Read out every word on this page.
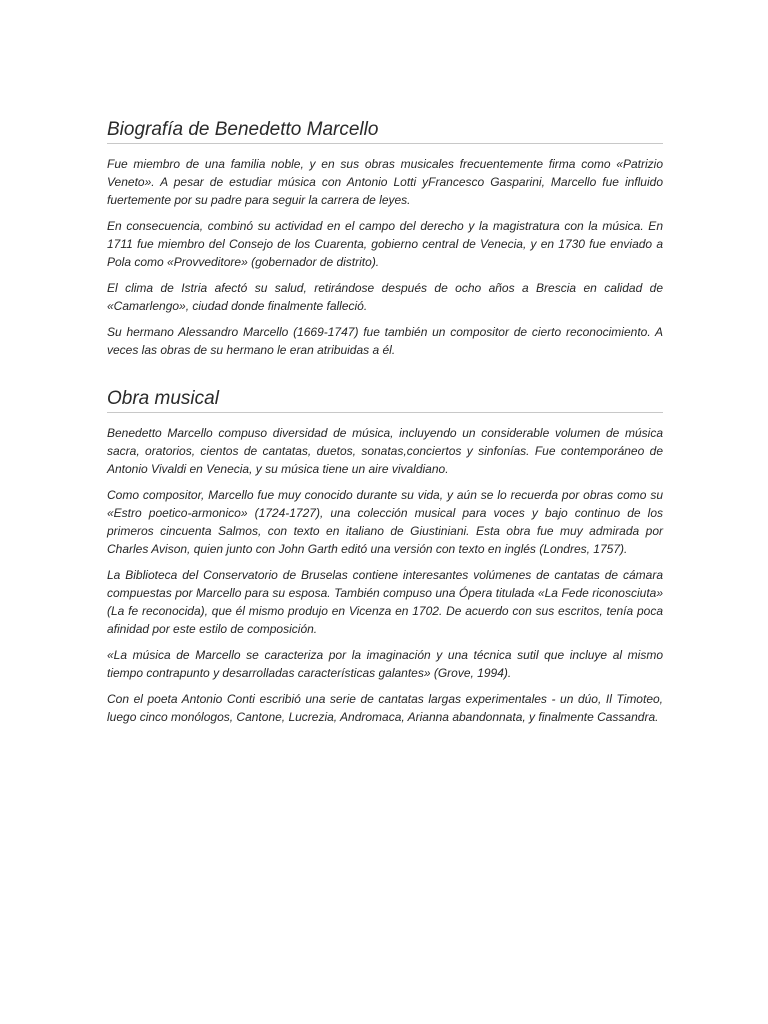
Biografía de Benedetto Marcello

Fue miembro de una familia noble, y en sus obras musicales frecuentemente firma como «Patrizio Veneto». A pesar de estudiar música con Antonio Lotti yFrancesco Gasparini, Marcello fue influido fuertemente por su padre para seguir la carrera de leyes.

En consecuencia, combinó su actividad en el campo del derecho y la magistratura con la música. En 1711 fue miembro del Consejo de los Cuarenta, gobierno central de Venecia, y en 1730 fue enviado a Pola como «Provveditore» (gobernador de distrito).

El clima de Istria afectó su salud, retirándose después de ocho años a Brescia en calidad de «Camarlengo», ciudad donde finalmente falleció.

Su hermano Alessandro Marcello (1669-1747) fue también un compositor de cierto reconocimiento. A veces las obras de su hermano le eran atribuidas a él.

Obra musical

Benedetto Marcello compuso diversidad de música, incluyendo un considerable volumen de música sacra, oratorios, cientos de cantatas, duetos, sonatas,conciertos y sinfonías. Fue contemporáneo de Antonio Vivaldi en Venecia, y su música tiene un aire vivaldiano.

Como compositor, Marcello fue muy conocido durante su vida, y aún se lo recuerda por obras como su «Estro poetico-armonico» (1724-1727), una colección musical para voces y bajo continuo de los primeros cincuenta Salmos, con texto en italiano de Giustiniani. Esta obra fue muy admirada por Charles Avison, quien junto con John Garth editó una versión con texto en inglés (Londres, 1757).

La Biblioteca del Conservatorio de Bruselas contiene interesantes volúmenes de cantatas de cámara compuestas por Marcello para su esposa. También compuso una Ópera titulada «La Fede riconosciuta» (La fe reconocida), que él mismo produjo en Vicenza en 1702. De acuerdo con sus escritos, tenía poca afinidad por este estilo de composición.

«La música de Marcello se caracteriza por la imaginación y una técnica sutil que incluye al mismo tiempo contrapunto y desarrolladas características galantes» (Grove, 1994).

Con el poeta Antonio Conti escribió una serie de cantatas largas experimentales - un dúo, Il Timoteo, luego cinco monólogos, Cantone, Lucrezia, Andromaca, Arianna abandonnata, y finalmente Cassandra.
